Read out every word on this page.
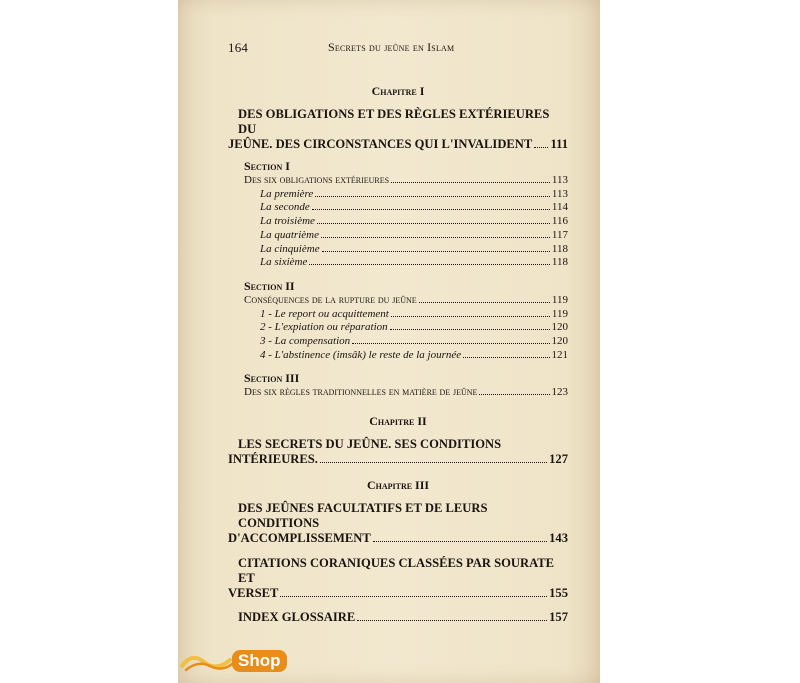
164	Secrets du jeûne en Islam

Chapitre I

DES OBLIGATIONS ET DES RÈGLES EXTÉRIEURES DU
JEÛNE. DES CIRCONSTANCES QUI L'INVALIDENT 111

Section I

Des six obligations extérieures	113
La première	113
La seconde	114
La troisième	116
La quatrième	117
La cinquième	118
La sixième	118

Section II

Conséquences de la rupture du jeûne	119
1 - Le report ou acquittement	119
2 - L'expiation ou réparation	120
3 - La compensation	120
4 - L'abstinence (imsâk) le reste de la journée	121

Section III

Des six règles traditionnelles en matière de jeûne	123

Chapitre II

LES SECRETS DU JEÛNE. SES CONDITIONS
INTÉRIEURES.	127

Chapitre III

DES JEÛNES FACULTATIFS ET DE LEURS CONDITIONS
D'ACCOMPLISSEMENT	143
CITATIONS CORANIQUES CLASSÉES PAR SOURATE ET
VERSET	155
INDEX GLOSSAIRE	157
Shop
